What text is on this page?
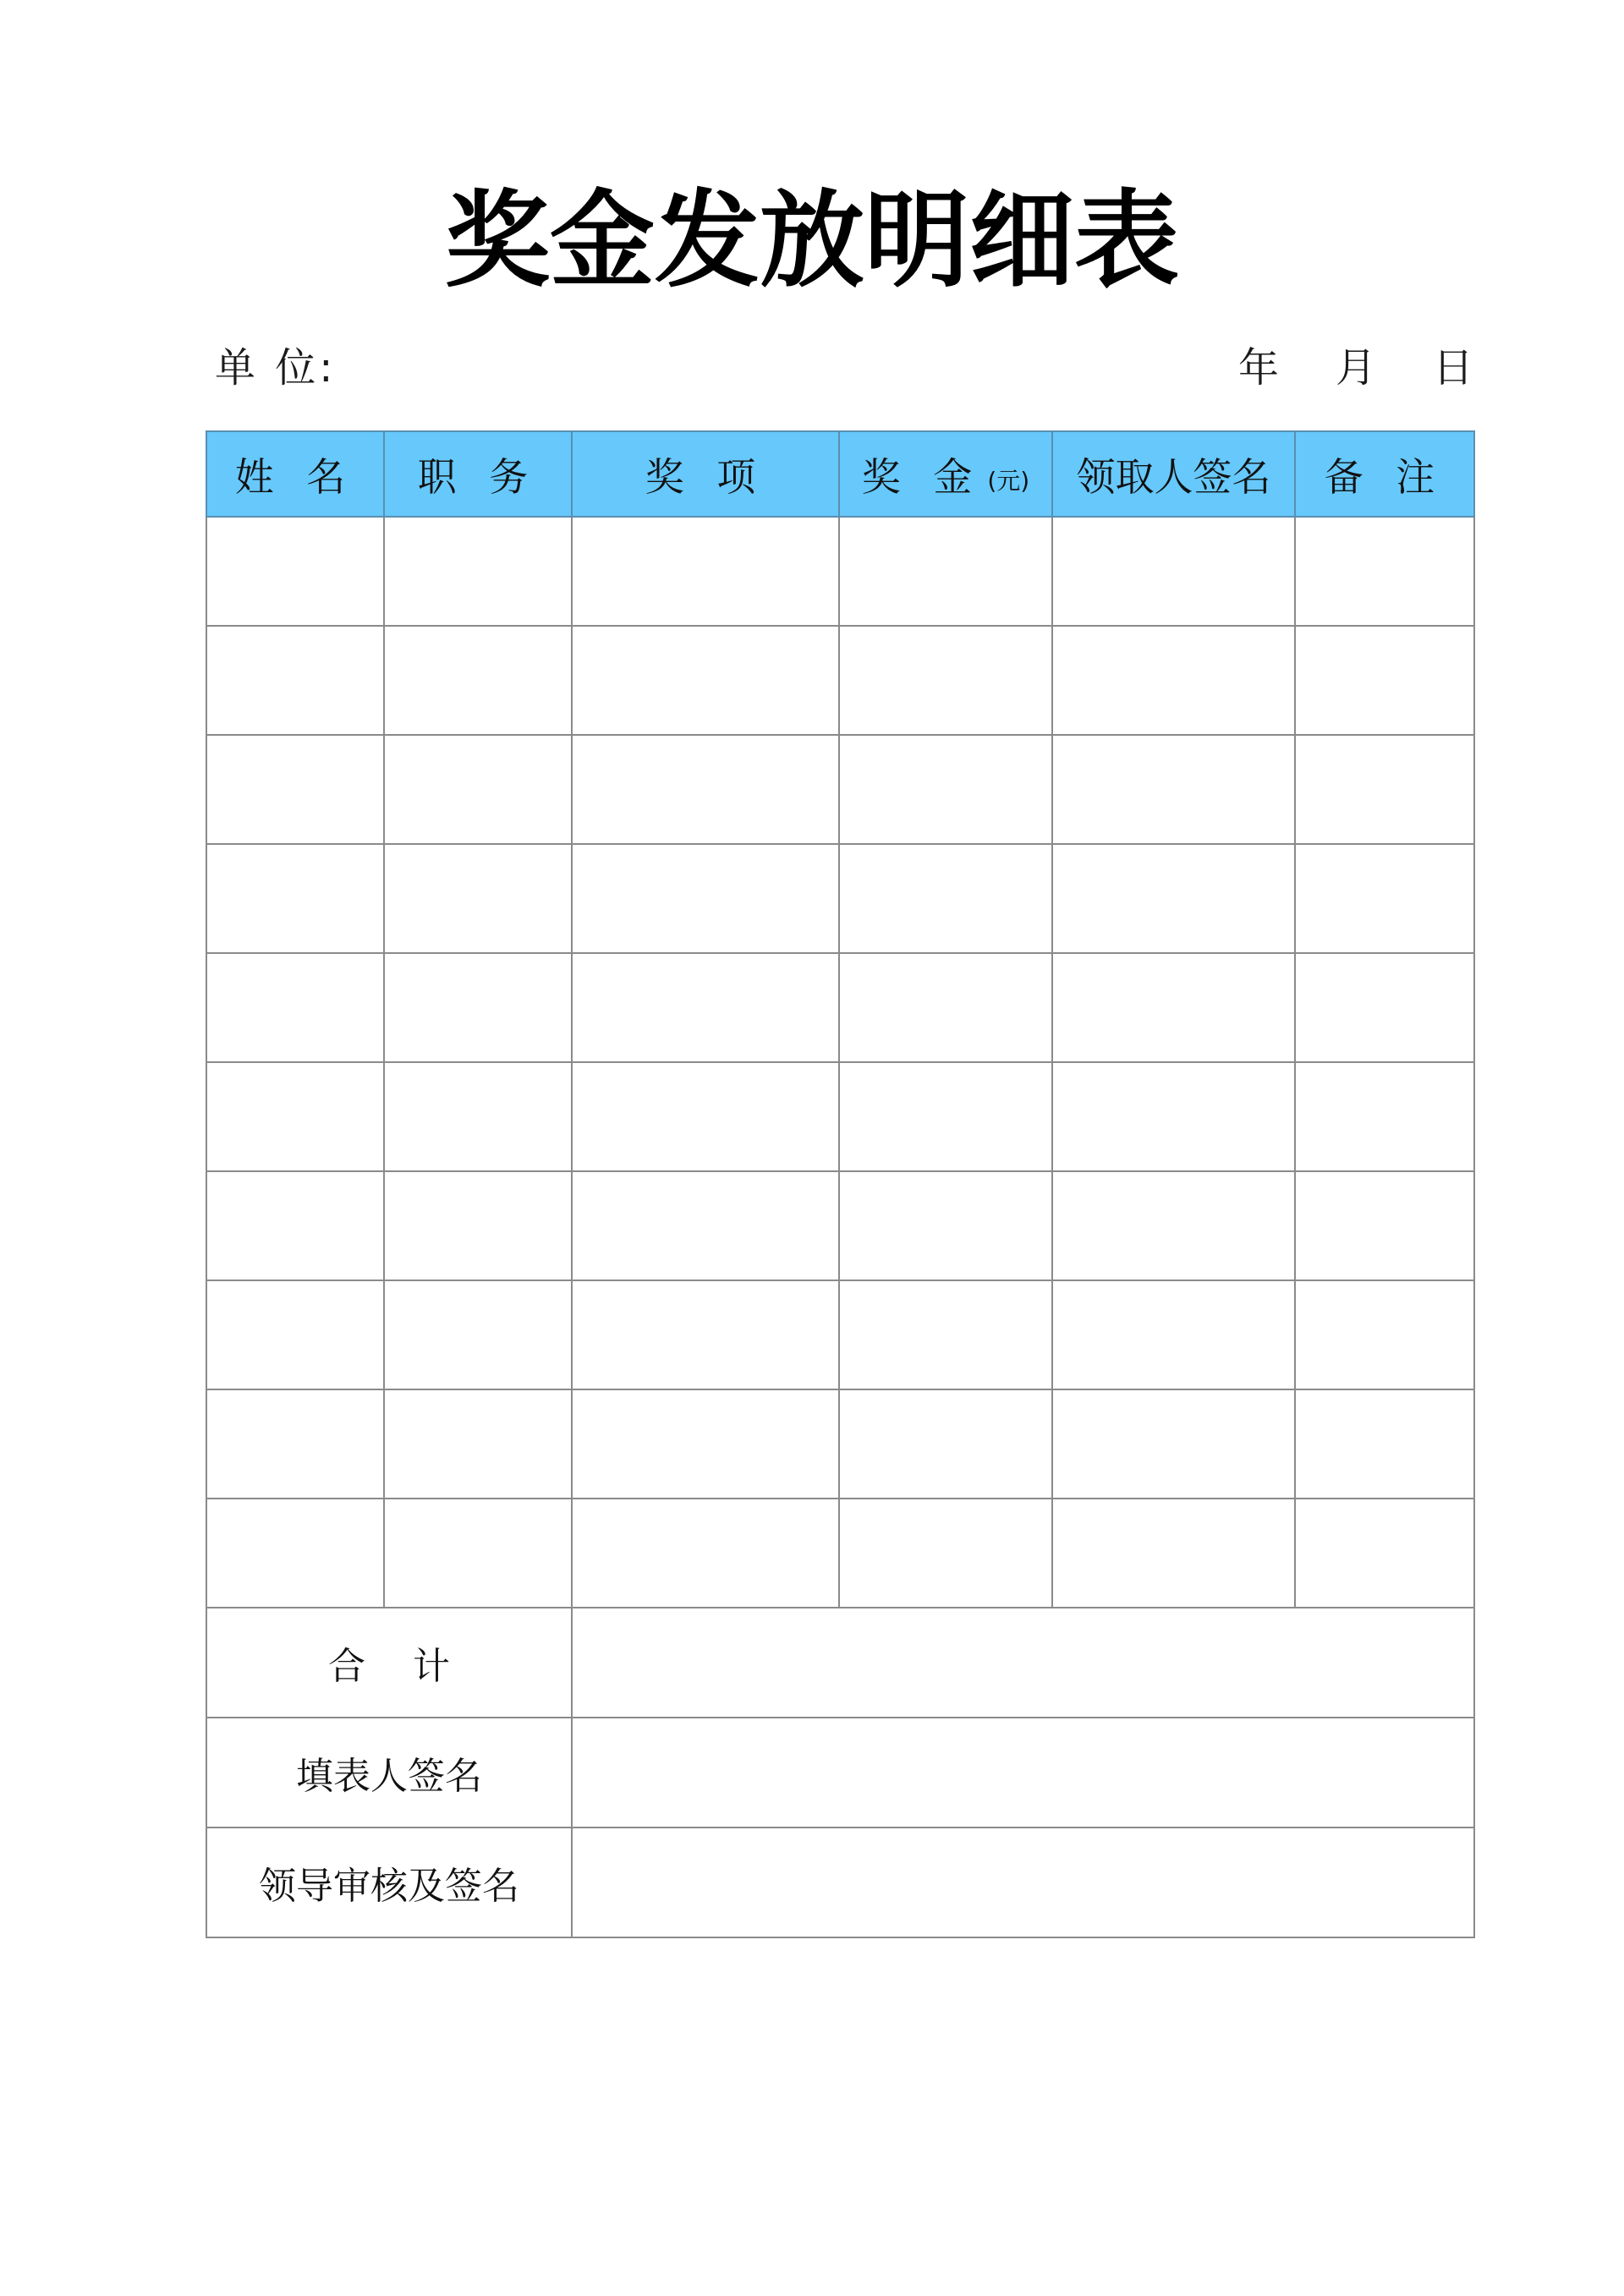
奖金发放明细表
单 位:	年	月	日
姓 名	职 务	奖 项	奖 金 (元)	领取人签名	备 注

合    计					
填表人签名					
领导审核及签名					
